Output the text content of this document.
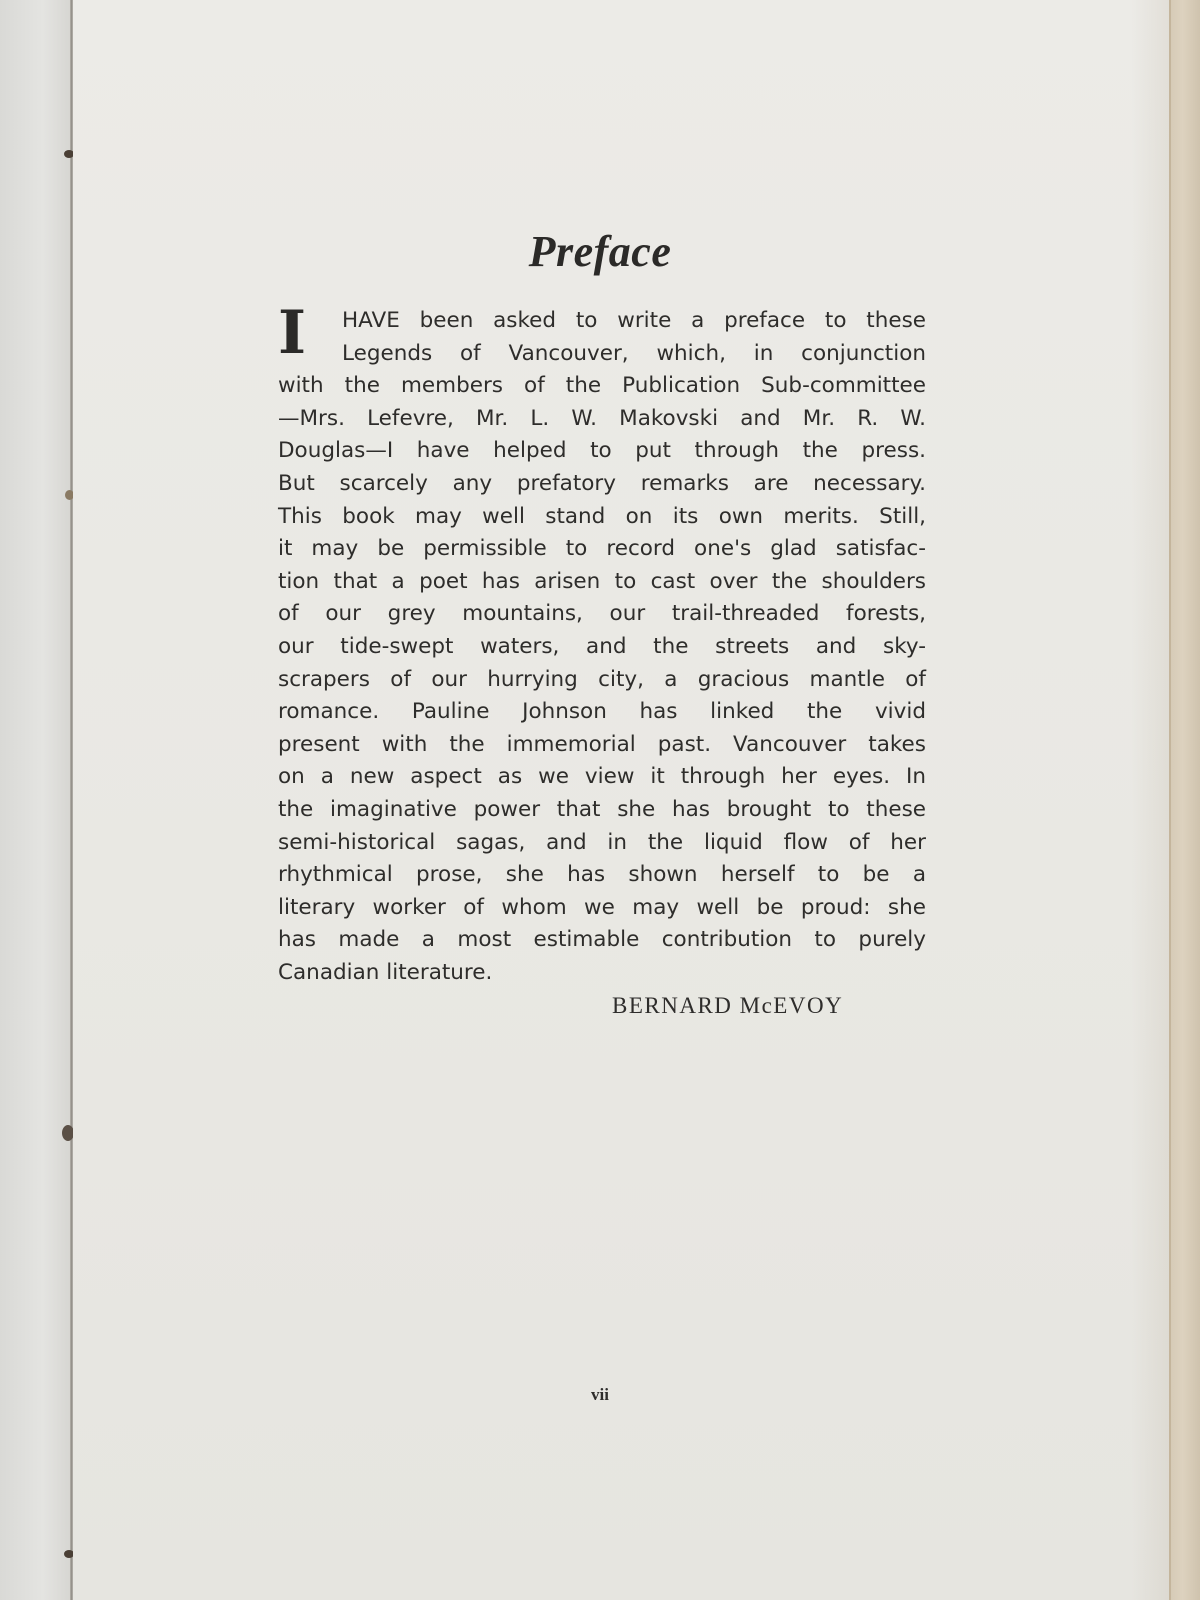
Preface
I	HAVE been asked to write a preface to these
Legends of Vancouver, which, in conjunction
with the members of the Publication Sub-committee
—Mrs. Lefevre, Mr. L. W. Makovski and Mr. R. W.
Douglas—I have helped to put through the press.
But scarcely any prefatory remarks are necessary.
This book may well stand on its own merits. Still,
it may be permissible to record one's glad satisfac-
tion that a poet has arisen to cast over the shoulders
of our grey mountains, our trail-threaded forests,
our tide-swept waters, and the streets and sky-
scrapers of our hurrying city, a gracious mantle of
romance. Pauline Johnson has linked the vivid
present with the immemorial past. Vancouver takes
on a new aspect as we view it through her eyes. In
the imaginative power that she has brought to these
semi-historical sagas, and in the liquid flow of her
rhythmical prose, she has shown herself to be a
literary worker of whom we may well be proud: she
has made a most estimable contribution to purely
Canadian literature.
BERNARD McEVOY
vii
